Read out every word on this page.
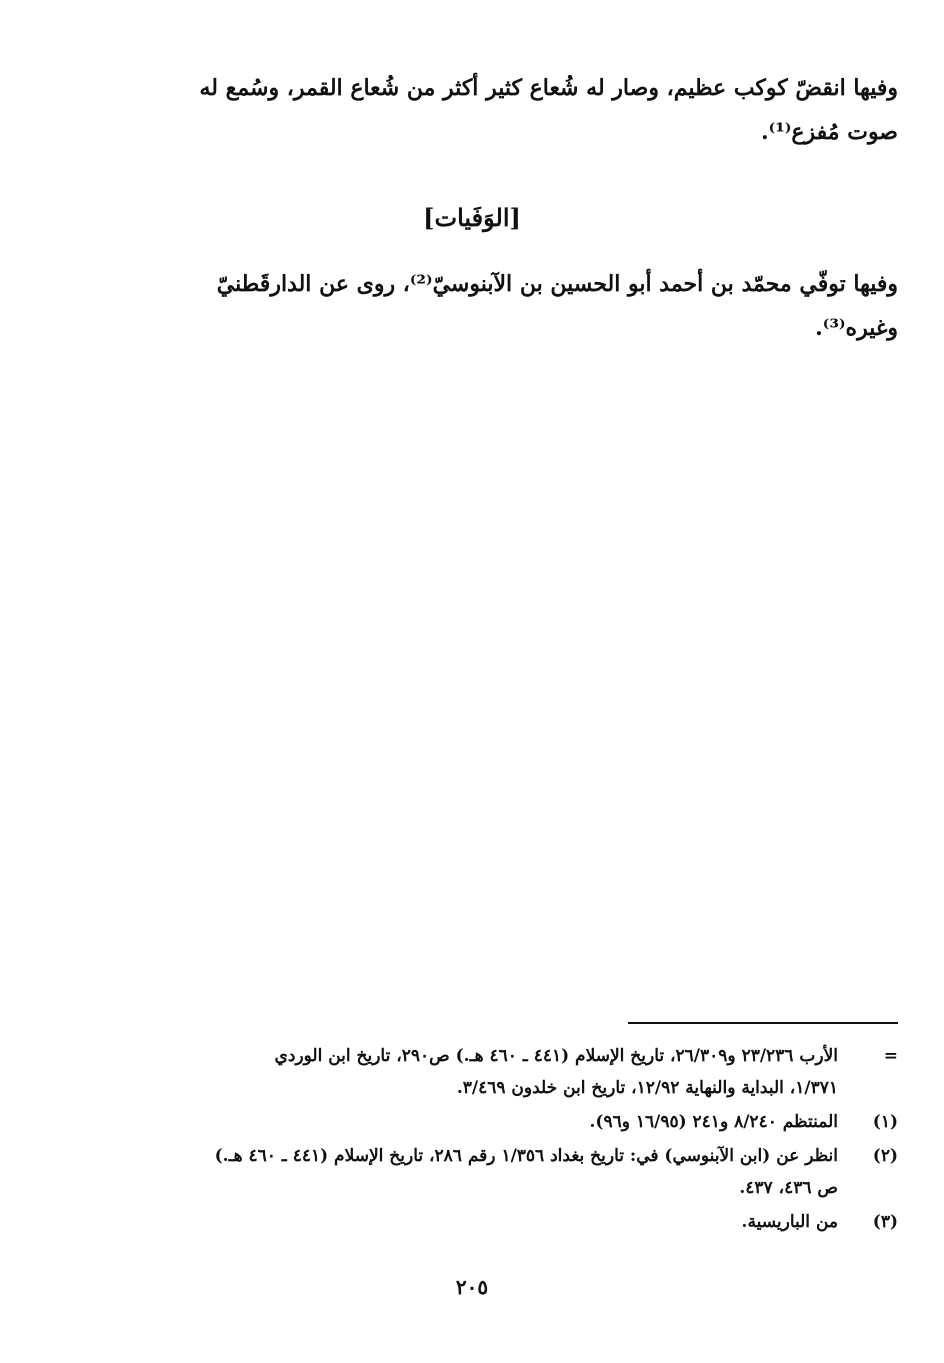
وفيها انقضّ كوكب عظيم، وصار له شُعاع كثير أكثر من شُعاع القمر، وسُمع له
صوت مُفزع⁽¹⁾.
[الوَفَيات]
وفيها توفّي محمّد بن أحمد أبو الحسين بن الآبنوسيّ⁽²⁾، روى عن الدارقَطنيّ
وغيره⁽³⁾.
=
الأرب ٢٣/٢٣٦ و٢٦/٣٠٩، تاريخ الإسلام (٤٤١ ـ ٤٦٠ هـ.) ص٢٩٠، تاريخ ابن الوردي
١/٣٧١، البداية والنهاية ١٢/٩٢، تاريخ ابن خلدون ٣/٤٦٩.
(١)
المنتظم ٨/٢٤٠ و٢٤١ (١٦/٩٥ و٩٦).
(٢)
انظر عن (ابن الآبنوسي) في: تاريخ بغداد ١/٣٥٦ رقم ٢٨٦، تاريخ الإسلام (٤٤١ ـ ٤٦٠ هـ.)
ص ٤٣٦، ٤٣٧.
(٣)
من الباريسية.
٢٠٥
